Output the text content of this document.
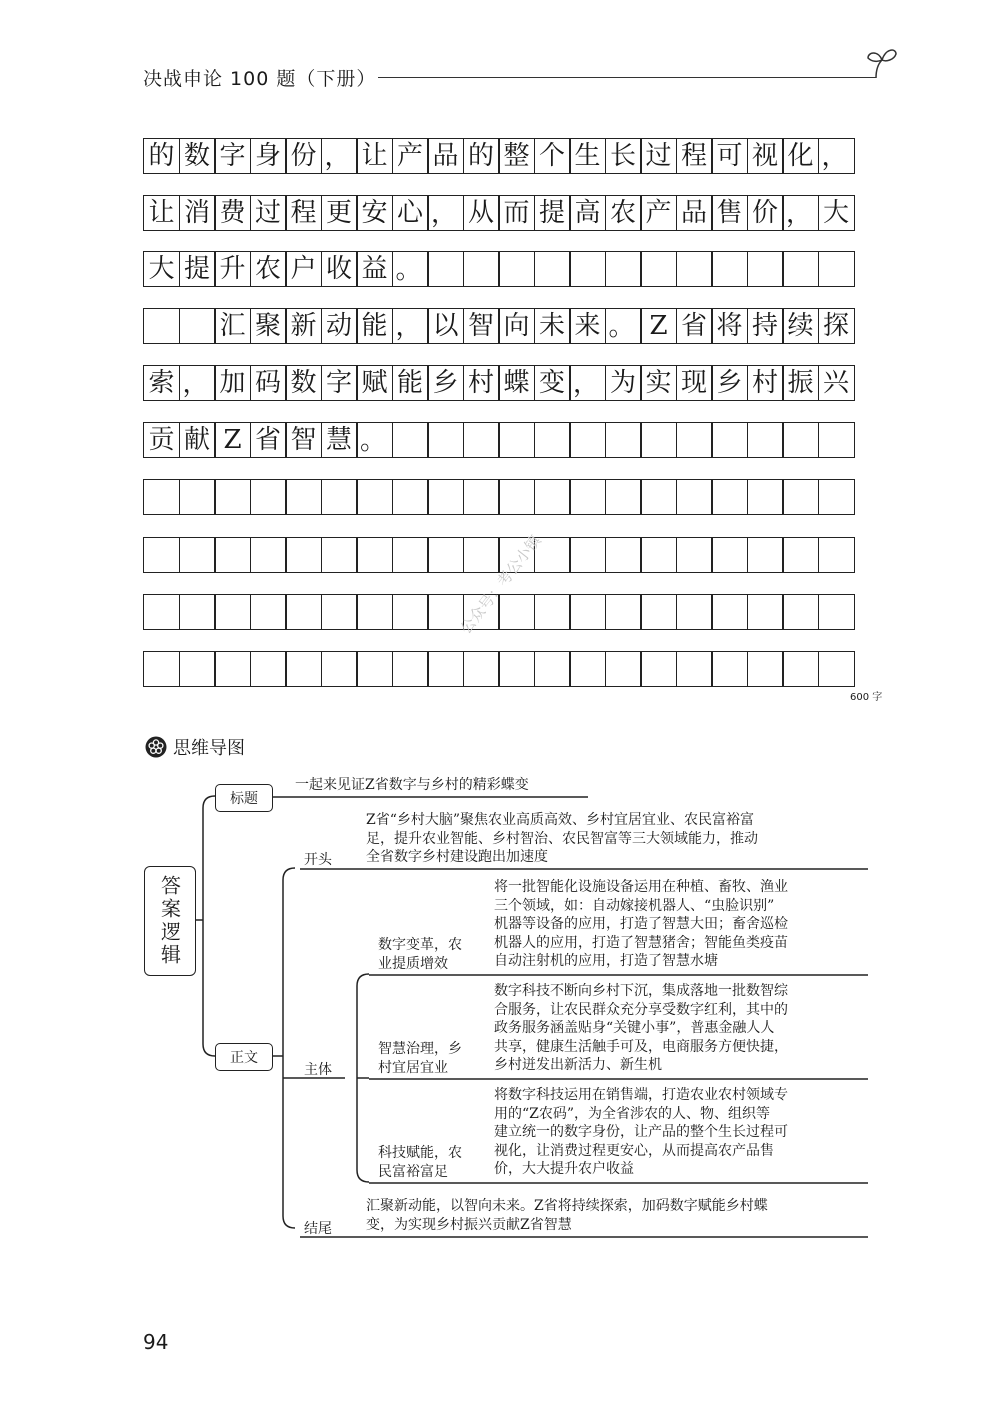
决战申论 100 题（下册）
的 数 字 身 份 ， 让 产 品 的 整 个 生 长 过 程 可 视 化 ，
让 消 费 过 程 更 安 心 ， 从 而 提 高 农 产 品 售 价 ， 大
大 提 升 农 户 收 益 。
汇 聚 新 动 能 ， 以 智 向 未 来 。 Z 省 将 持 续 探
索 ， 加 码 数 字 赋 能 乡 村 蝶 变 ， 为 实 现 乡 村 振 兴
贡 献 Z 省 智 慧 。
600 字
思维导图
答案逻辑
标题
一起来见证Z省数字与乡村的精彩蝶变
正文
开头
Z省“乡村大脑”聚焦农业高质高效、乡村宜居宜业、农民富裕富
足，提升农业智能、乡村智治、农民智富等三大领域能力，推动
全省数字乡村建设跑出加速度
主体
数字变革，农
业提质增效
将一批智能化设施设备运用在种植、畜牧、渔业
三个领域，如：自动嫁接机器人、“虫脸识别”
机器等设备的应用，打造了智慧大田；畜舍巡检
机器人的应用，打造了智慧猪舍；智能鱼类疫苗
自动注射机的应用，打造了智慧水塘
智慧治理，乡
村宜居宜业
数字科技不断向乡村下沉，集成落地一批数智综
合服务，让农民群众充分享受数字红利，其中的
政务服务涵盖贴身“关键小事”，普惠金融人人
共享，健康生活触手可及，电商服务方便快捷，
乡村迸发出新活力、新生机
科技赋能，农
民富裕富足
将数字科技运用在销售端，打造农业农村领域专
用的“Z农码”，为全省涉农的人、物、组织等
建立统一的数字身份，让产品的整个生长过程可
视化，让消费过程更安心，从而提高农产品售
价，大大提升农户收益
结尾
汇聚新动能，以智向未来。Z省将持续探索，加码数字赋能乡村蝶
变，为实现乡村振兴贡献Z省智慧
公众号：考公小镇
94
